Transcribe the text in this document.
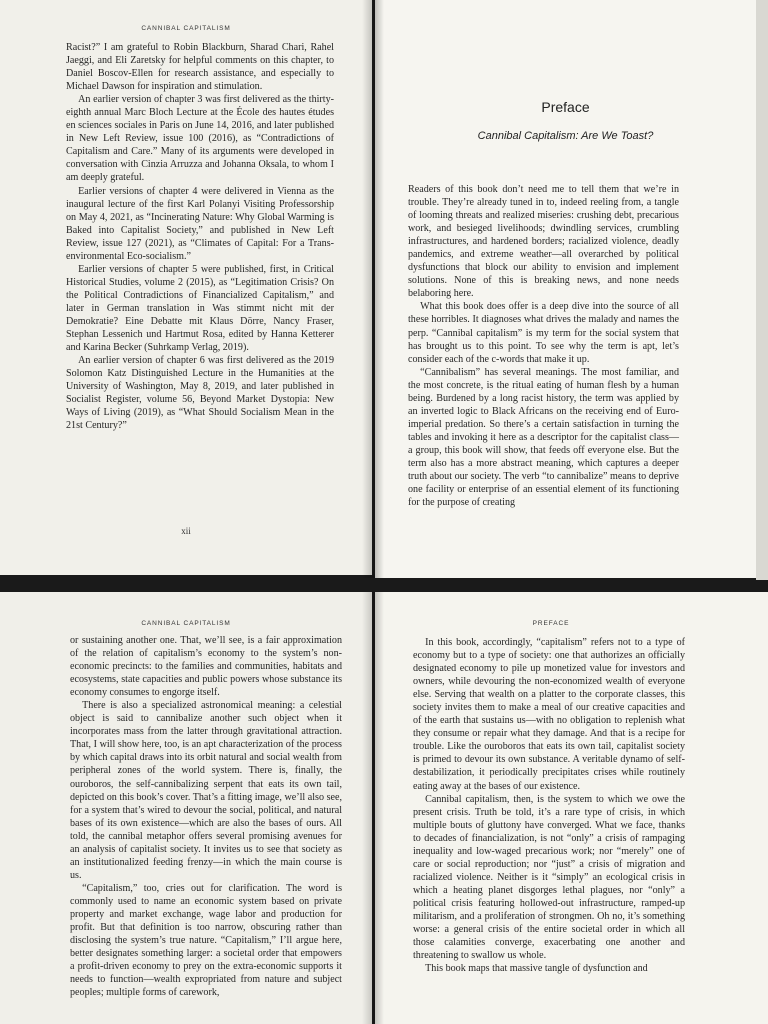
CANNIBAL CAPITALISM

Racist?” I am grateful to Robin Blackburn, Sharad Chari, Rahel Jaeggi, and Eli Zaretsky for helpful comments on this chapter, to Daniel Boscov-Ellen for research assistance, and especially to Michael Dawson for inspiration and stimulation.

An earlier version of chapter 3 was first delivered as the thirty-eighth annual Marc Bloch Lecture at the École des hautes études en sciences sociales in Paris on June 14, 2016, and later published in New Left Review, issue 100 (2016), as “Contradictions of Capitalism and Care.” Many of its arguments were developed in conversation with Cinzia Arruzza and Johanna Oksala, to whom I am deeply grateful.

Earlier versions of chapter 4 were delivered in Vienna as the inaugural lecture of the first Karl Polanyi Visiting Professorship on May 4, 2021, as “Incinerating Nature: Why Global Warming is Baked into Capitalist Society,” and published in New Left Review, issue 127 (2021), as “Climates of Capital: For a Trans-environmental Eco-socialism.”

Earlier versions of chapter 5 were published, first, in Critical Historical Studies, volume 2 (2015), as “Legitimation Crisis? On the Political Contradictions of Financialized Capitalism,” and later in German translation in Was stimmt nicht mit der Demokratie? Eine Debatte mit Klaus Dörre, Nancy Fraser, Stephan Lessenich und Hartmut Rosa, edited by Hanna Ketterer and Karina Becker (Suhrkamp Verlag, 2019).

An earlier version of chapter 6 was first delivered as the 2019 Solomon Katz Distinguished Lecture in the Humanities at the University of Washington, May 8, 2019, and later published in Socialist Register, volume 56, Beyond Market Dystopia: New Ways of Living (2019), as “What Should Socialism Mean in the 21st Century?”

xii
Preface
Cannibal Capitalism: Are We Toast?

Readers of this book don’t need me to tell them that we’re in trouble. They’re already tuned in to, indeed reeling from, a tangle of looming threats and realized miseries: crushing debt, precarious work, and besieged livelihoods; dwindling services, crumbling infrastructures, and hardened borders; racialized violence, deadly pandemics, and extreme weather—all overarched by political dysfunctions that block our ability to envision and implement solutions. None of this is breaking news, and none needs belaboring here.

What this book does offer is a deep dive into the source of all these horribles. It diagnoses what drives the malady and names the perp. “Cannibal capitalism” is my term for the social system that has brought us to this point. To see why the term is apt, let’s consider each of the c-words that make it up.

“Cannibalism” has several meanings. The most familiar, and the most concrete, is the ritual eating of human flesh by a human being. Burdened by a long racist history, the term was applied by an inverted logic to Black Africans on the receiving end of Euro-imperial predation. So there’s a certain satisfaction in turning the tables and invoking it here as a descriptor for the capitalist class—a group, this book will show, that feeds off everyone else. But the term also has a more abstract meaning, which captures a deeper truth about our society. The verb “to cannibalize” means to deprive one facility or enterprise of an essential element of its functioning for the purpose of creating

CANNIBAL CAPITALISM

or sustaining another one. That, we’ll see, is a fair approximation of the relation of capitalism’s economy to the system’s non-economic precincts: to the families and communities, habitats and ecosystems, state capacities and public powers whose substance its economy consumes to engorge itself.

There is also a specialized astronomical meaning: a celestial object is said to cannibalize another such object when it incorporates mass from the latter through gravitational attraction. That, I will show here, too, is an apt characterization of the process by which capital draws into its orbit natural and social wealth from peripheral zones of the world system. There is, finally, the ouroboros, the self-cannibalizing serpent that eats its own tail, depicted on this book’s cover. That’s a fitting image, we’ll also see, for a system that’s wired to devour the social, political, and natural bases of its own existence—which are also the bases of ours. All told, the cannibal metaphor offers several promising avenues for an analysis of capitalist society. It invites us to see that society as an institutionalized feeding frenzy—in which the main course is us.

“Capitalism,” too, cries out for clarification. The word is commonly used to name an economic system based on private property and market exchange, wage labor and production for profit. But that definition is too narrow, obscuring rather than disclosing the system’s true nature. “Capitalism,” I’ll argue here, better designates something larger: a societal order that empowers a profit-driven economy to prey on the extra-economic supports it needs to function—wealth expropriated from nature and subject peoples; multiple forms of carework,

PREFACE

In this book, accordingly, “capitalism” refers not to a type of economy but to a type of society: one that authorizes an officially designated economy to pile up monetized value for investors and owners, while devouring the non-economized wealth of everyone else. Serving that wealth on a platter to the corporate classes, this society invites them to make a meal of our creative capacities and of the earth that sustains us—with no obligation to replenish what they consume or repair what they damage. And that is a recipe for trouble. Like the ouroboros that eats its own tail, capitalist society is primed to devour its own substance. A veritable dynamo of self-destabilization, it periodically precipitates crises while routinely eating away at the bases of our existence.

Cannibal capitalism, then, is the system to which we owe the present crisis. Truth be told, it’s a rare type of crisis, in which multiple bouts of gluttony have converged. What we face, thanks to decades of financialization, is not “only” a crisis of rampaging inequality and low-waged precarious work; nor “merely” one of care or social reproduction; nor “just” a crisis of migration and racialized violence. Neither is it “simply” an ecological crisis in which a heating planet disgorges lethal plagues, nor “only” a political crisis featuring hollowed-out infrastructure, ramped-up militarism, and a proliferation of strongmen. Oh no, it’s something worse: a general crisis of the entire societal order in which all those calamities converge, exacerbating one another and threatening to swallow us whole.

This book maps that massive tangle of dysfunction and
